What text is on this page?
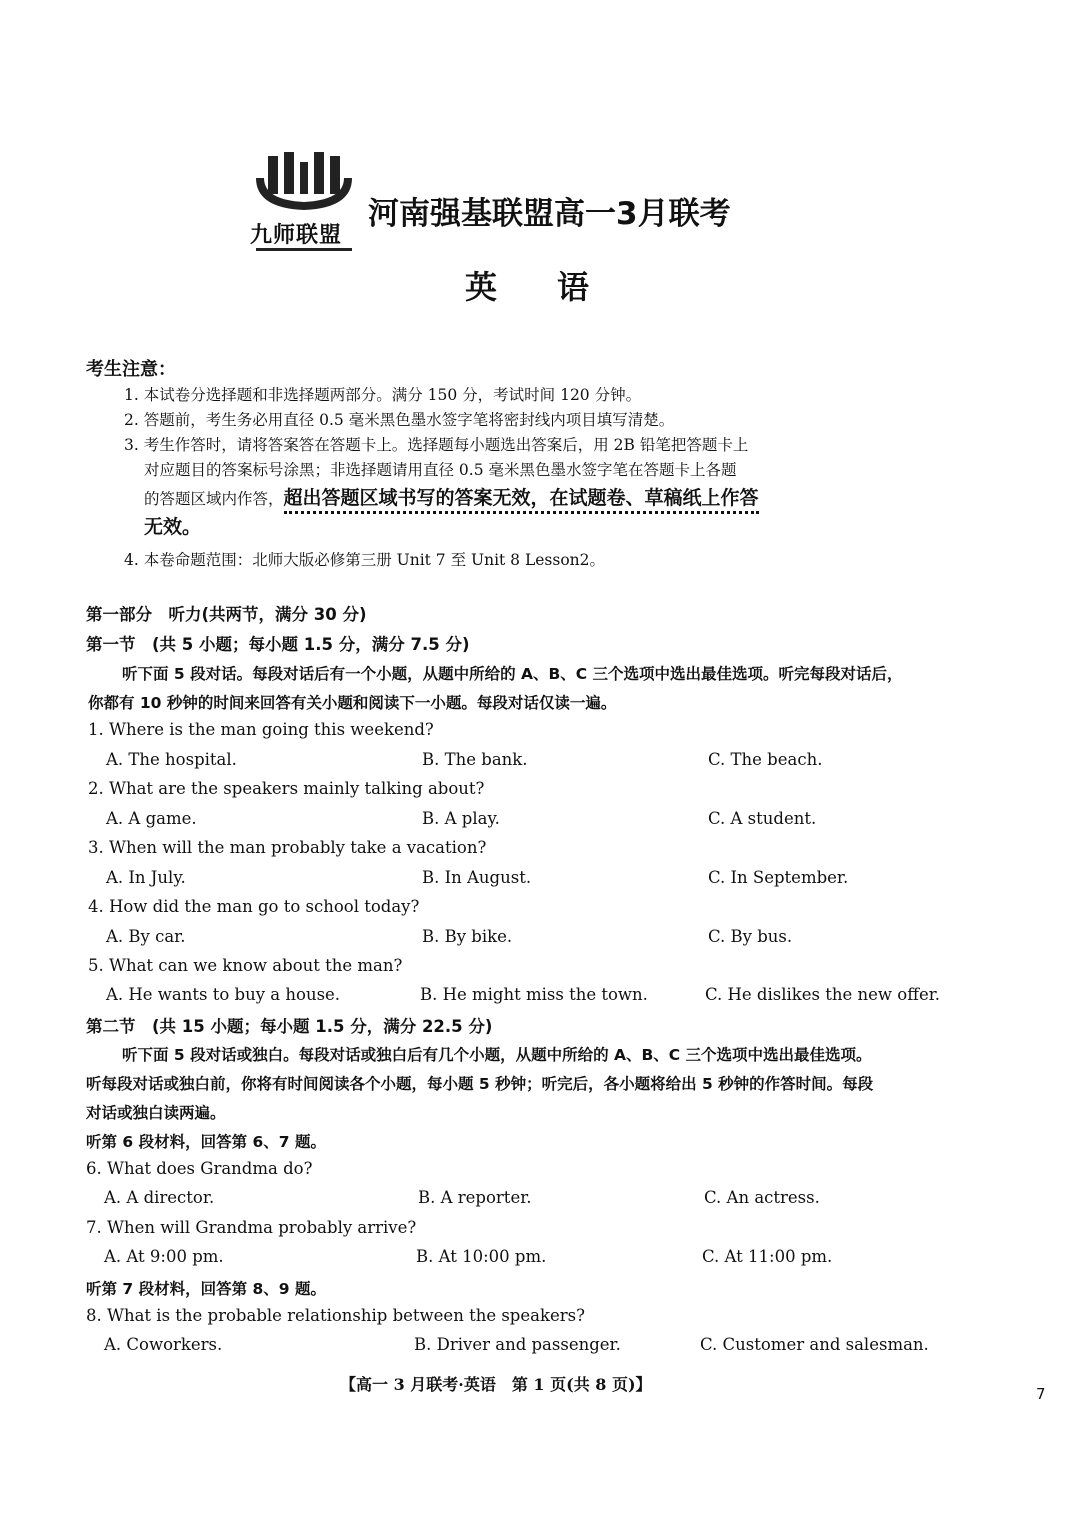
九师联盟
河南强基联盟高一3月联考
英语
考生注意：
1. 本试卷分选择题和非选择题两部分。满分 150 分，考试时间 120 分钟。
2. 答题前，考生务必用直径 0.5 毫米黑色墨水签字笔将密封线内项目填写清楚。
3. 考生作答时，请将答案答在答题卡上。选择题每小题选出答案后，用 2B 铅笔把答题卡上
对应题目的答案标号涂黑；非选择题请用直径 0.5 毫米黑色墨水签字笔在答题卡上各题
的答题区域内作答，超出答题区域书写的答案无效，在试题卷、草稿纸上作答
无效。
4. 本卷命题范围：北师大版必修第三册 Unit 7 至 Unit 8 Lesson2。
第一部分　听力(共两节，满分 30 分)
第一节　(共 5 小题；每小题 1.5 分，满分 7.5 分)
听下面 5 段对话。每段对话后有一个小题，从题中所给的 A、B、C 三个选项中选出最佳选项。听完每段对话后，
你都有 10 秒钟的时间来回答有关小题和阅读下一小题。每段对话仅读一遍。
1. Where is the man going this weekend?
A. The hospital.	B. The bank.	C. The beach.
2. What are the speakers mainly talking about?
A. A game.	B. A play.	C. A student.
3. When will the man probably take a vacation?
A. In July.	B. In August.	C. In September.
4. How did the man go to school today?
A. By car.	B. By bike.	C. By bus.
5. What can we know about the man?
A. He wants to buy a house.	B. He might miss the town.	C. He dislikes the new offer.
第二节　(共 15 小题；每小题 1.5 分，满分 22.5 分)
听下面 5 段对话或独白。每段对话或独白后有几个小题，从题中所给的 A、B、C 三个选项中选出最佳选项。
听每段对话或独白前，你将有时间阅读各个小题，每小题 5 秒钟；听完后，各小题将给出 5 秒钟的作答时间。每段
对话或独白读两遍。
听第 6 段材料，回答第 6、7 题。
6. What does Grandma do?
A. A director.	B. A reporter.	C. An actress.
7. When will Grandma probably arrive?
A. At 9:00 pm.	B. At 10:00 pm.	C. At 11:00 pm.
听第 7 段材料，回答第 8、9 题。
8. What is the probable relationship between the speakers?
A. Coworkers.	B. Driver and passenger.	C. Customer and salesman.
【高一 3 月联考·英语　第 1 页(共 8 页)】	7
